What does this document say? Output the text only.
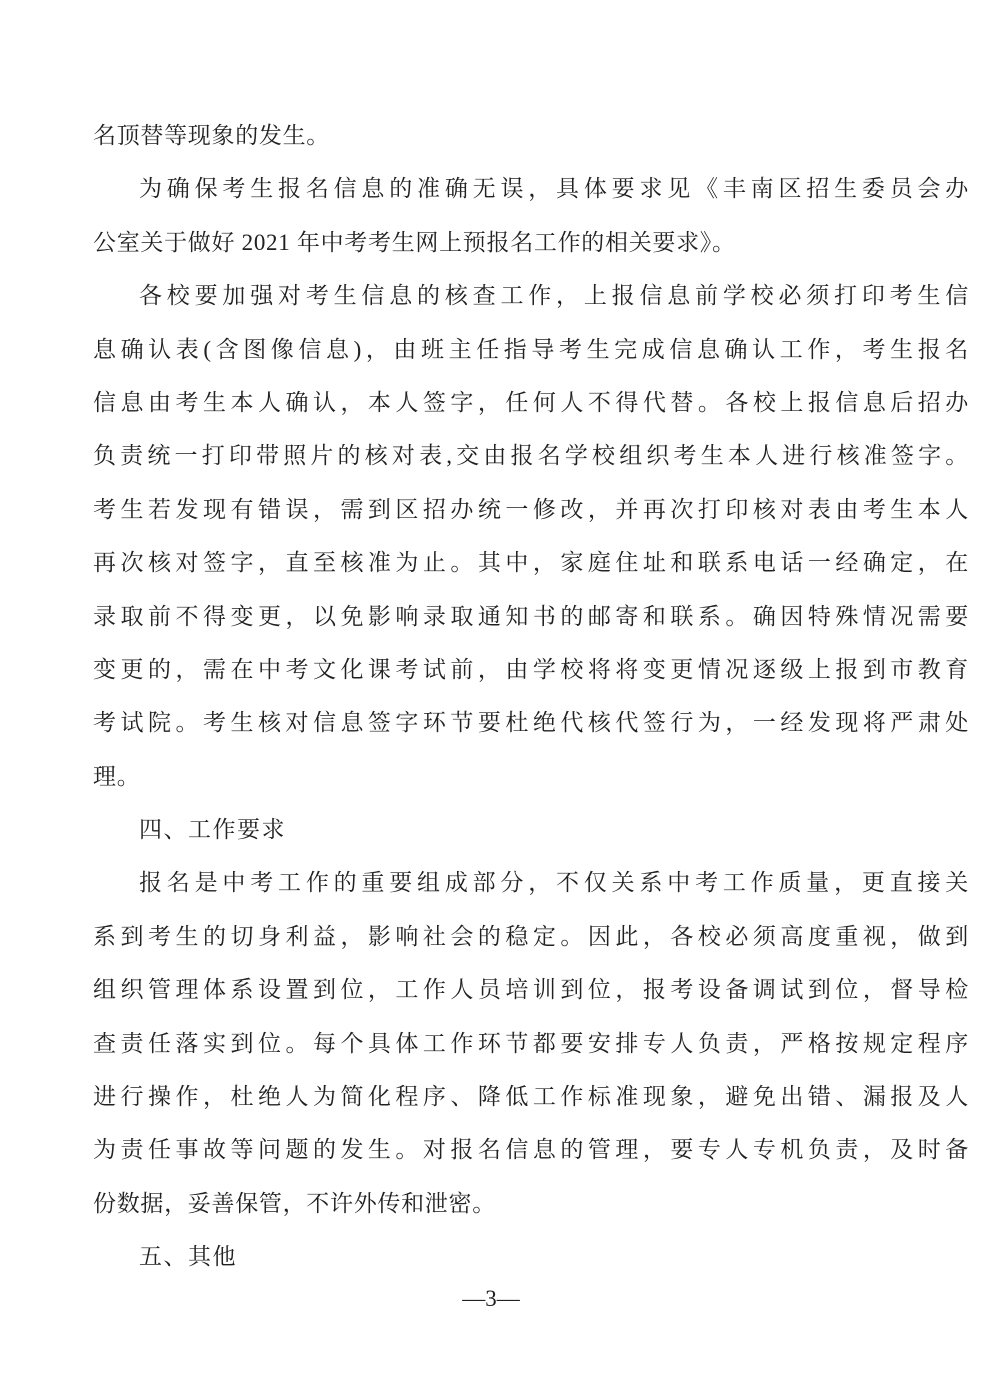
名顶替等现象的发生。
为确保考生报名信息的准确无误，具体要求见《丰南区招生委员会办
公室关于做好 2021 年中考考生网上预报名工作的相关要求》。
各校要加强对考生信息的核查工作，上报信息前学校必须打印考生信
息确认表(含图像信息)，由班主任指导考生完成信息确认工作，考生报名
信息由考生本人确认，本人签字，任何人不得代替。各校上报信息后招办
负责统一打印带照片的核对表,交由报名学校组织考生本人进行核准签字。
考生若发现有错误，需到区招办统一修改，并再次打印核对表由考生本人
再次核对签字，直至核准为止。其中，家庭住址和联系电话一经确定，在
录取前不得变更，以免影响录取通知书的邮寄和联系。确因特殊情况需要
变更的，需在中考文化课考试前，由学校将将变更情况逐级上报到市教育
考试院。考生核对信息签字环节要杜绝代核代签行为，一经发现将严肃处
理。
四、工作要求
报名是中考工作的重要组成部分，不仅关系中考工作质量，更直接关
系到考生的切身利益，影响社会的稳定。因此，各校必须高度重视，做到
组织管理体系设置到位，工作人员培训到位，报考设备调试到位，督导检
查责任落实到位。每个具体工作环节都要安排专人负责，严格按规定程序
进行操作，杜绝人为简化程序、降低工作标准现象，避免出错、漏报及人
为责任事故等问题的发生。对报名信息的管理，要专人专机负责，及时备
份数据，妥善保管，不许外传和泄密。
五、其他
—3—
